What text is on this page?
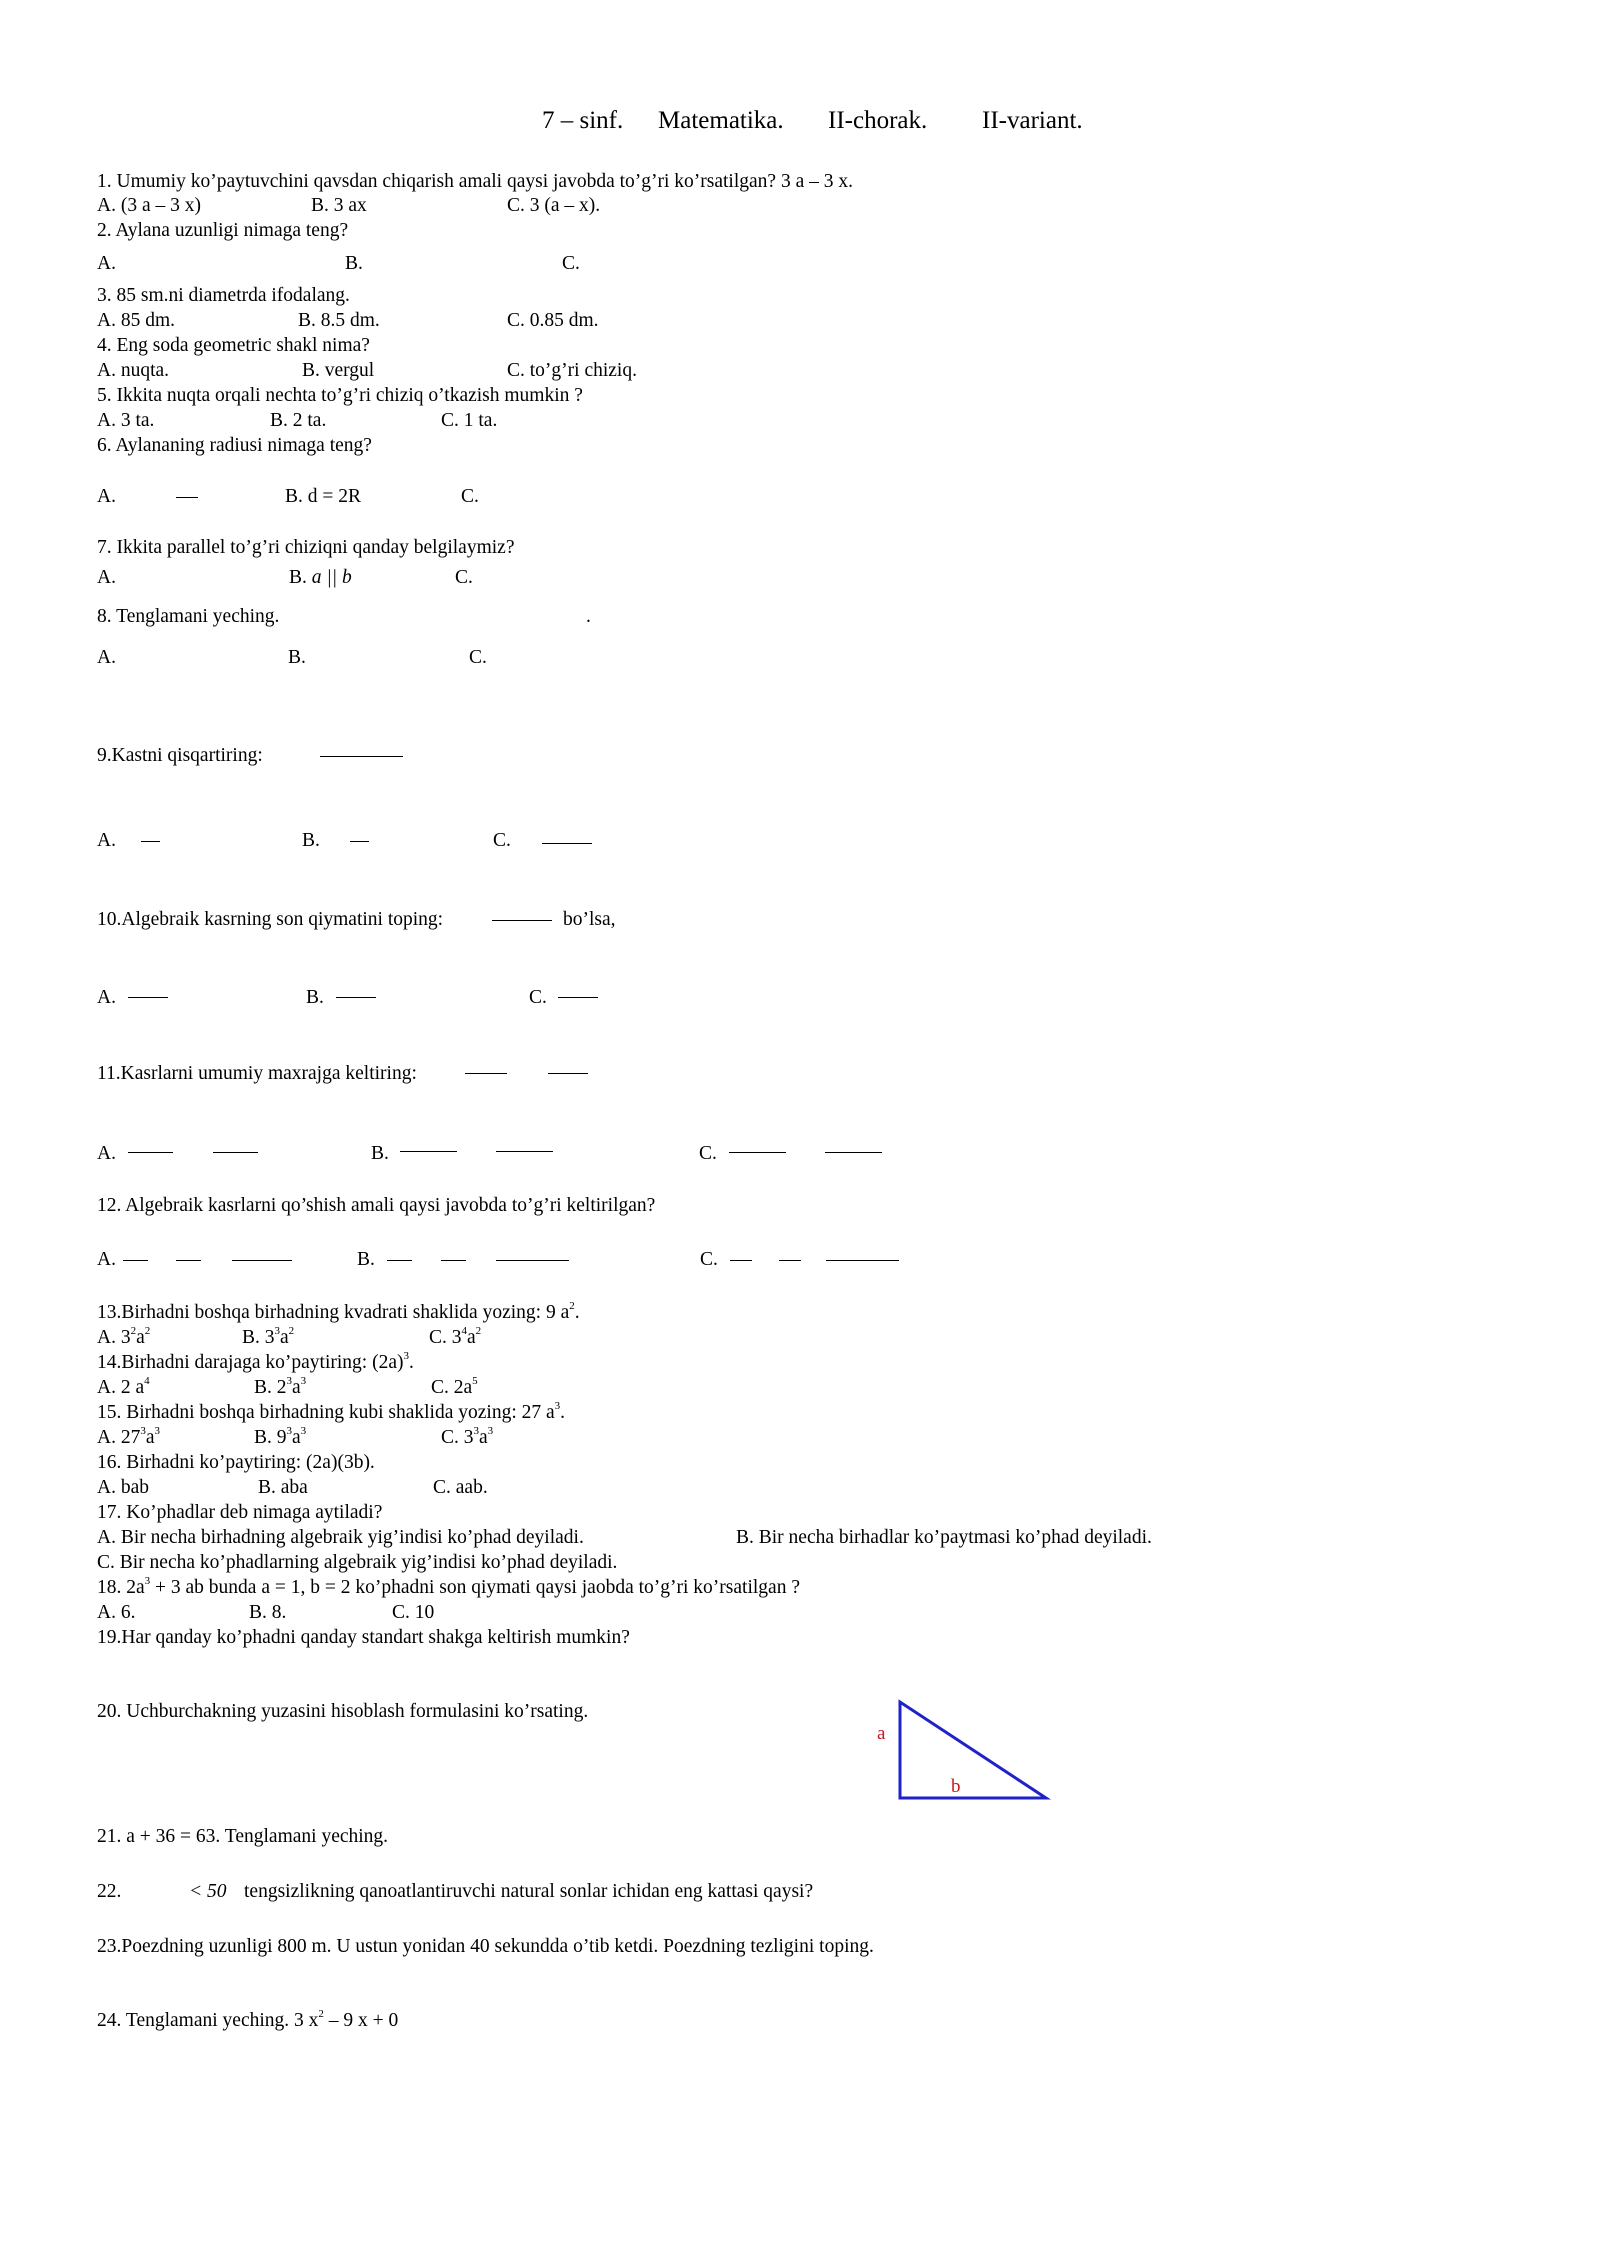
7 – sinf. Matematika. II-chorak. II-variant.
1. Umumiy ko’paytuvchini qavsdan chiqarish amali qaysi javobda to’g’ri ko’rsatilgan? 3 a – 3 x.
A. (3 a – 3 x)	B. 3 ax	C. 3 (a – x).
2. Aylana uzunligi nimaga teng?
A.	B.	C.
3. 85 sm.ni diametrda ifodalang.
A. 85 dm.	B. 8.5 dm.	C. 0.85 dm.
4. Eng soda geometric shakl nima?
A. nuqta.	B. vergul	C. to’g’ri chiziq.
5. Ikkita nuqta orqali nechta to’g’ri chiziq o’tkazish mumkin ?
A. 3 ta.	B. 2 ta.	C. 1 ta.
6. Aylananing radiusi nimaga teng?
A.	B. d = 2R	C.
7. Ikkita parallel to’g’ri chiziqni qanday belgilaymiz?
A.	B. a || b	C.
8. Tenglamani yeching.	.
A.	B.	C.
9.Kastni qisqartiring:
A.	B.	C.
10.Algebraik kasrning son qiymatini toping:	bo’lsa,
A.	B.	C.
11.Kasrlarni umumiy maxrajga keltiring:
A.	B.	C.
12. Algebraik kasrlarni qo’shish amali qaysi javobda to’g’ri keltirilgan?
A.	B.	C.
13.Birhadni boshqa birhadning kvadrati shaklida yozing: 9 $a^2$.
A. $3^2a^2$	B. $3^3a^2$	C. $3^4a^2$
14.Birhadni darajaga ko’paytiring: $(2a)^3$.
A. 2 $a^4$	B. $2^3a^3$	C. $2a^5$
15. Birhadni boshqa birhadning kubi shaklida yozing: 27 $a^3$.
A. $27^3a^3$	B. $9^3a^3$	C. $3^3a^3$
16. Birhadni ko’paytiring: (2a)(3b).
A. bab	B. aba	C. aab.
17. Ko’phadlar deb nimaga aytiladi?
A. Bir necha birhadning algebraik yig’indisi ko’phad deyiladi.	B. Bir necha birhadlar ko’paytmasi ko’phad deyiladi.
C. Bir necha ko’phadlarning algebraik yig’indisi ko’phad deyiladi.
18. $2a^3 + 3$ ab bunda a = 1, b = 2 ko’phadni son qiymati qaysi jaobda to’g’ri ko’rsatilgan ?
A. 6.	B. 8.	C. 10
19.Har qanday ko’phadni qanday standart shakga keltirish mumkin?
20. Uchburchakning yuzasini hisoblash formulasini ko’rsating.
a
b
21. a + 36 = 63. Tenglamani yeching.
22.	< 50 tengsizlikning qanoatlantiruvchi natural sonlar ichidan eng kattasi qaysi?
23.Poezdning uzunligi 800 m. U ustun yonidan 40 sekundda o’tib ketdi. Poezdning tezligini toping.
24. Tenglamani yeching. 3 $x^2 - 9$ x + 0
